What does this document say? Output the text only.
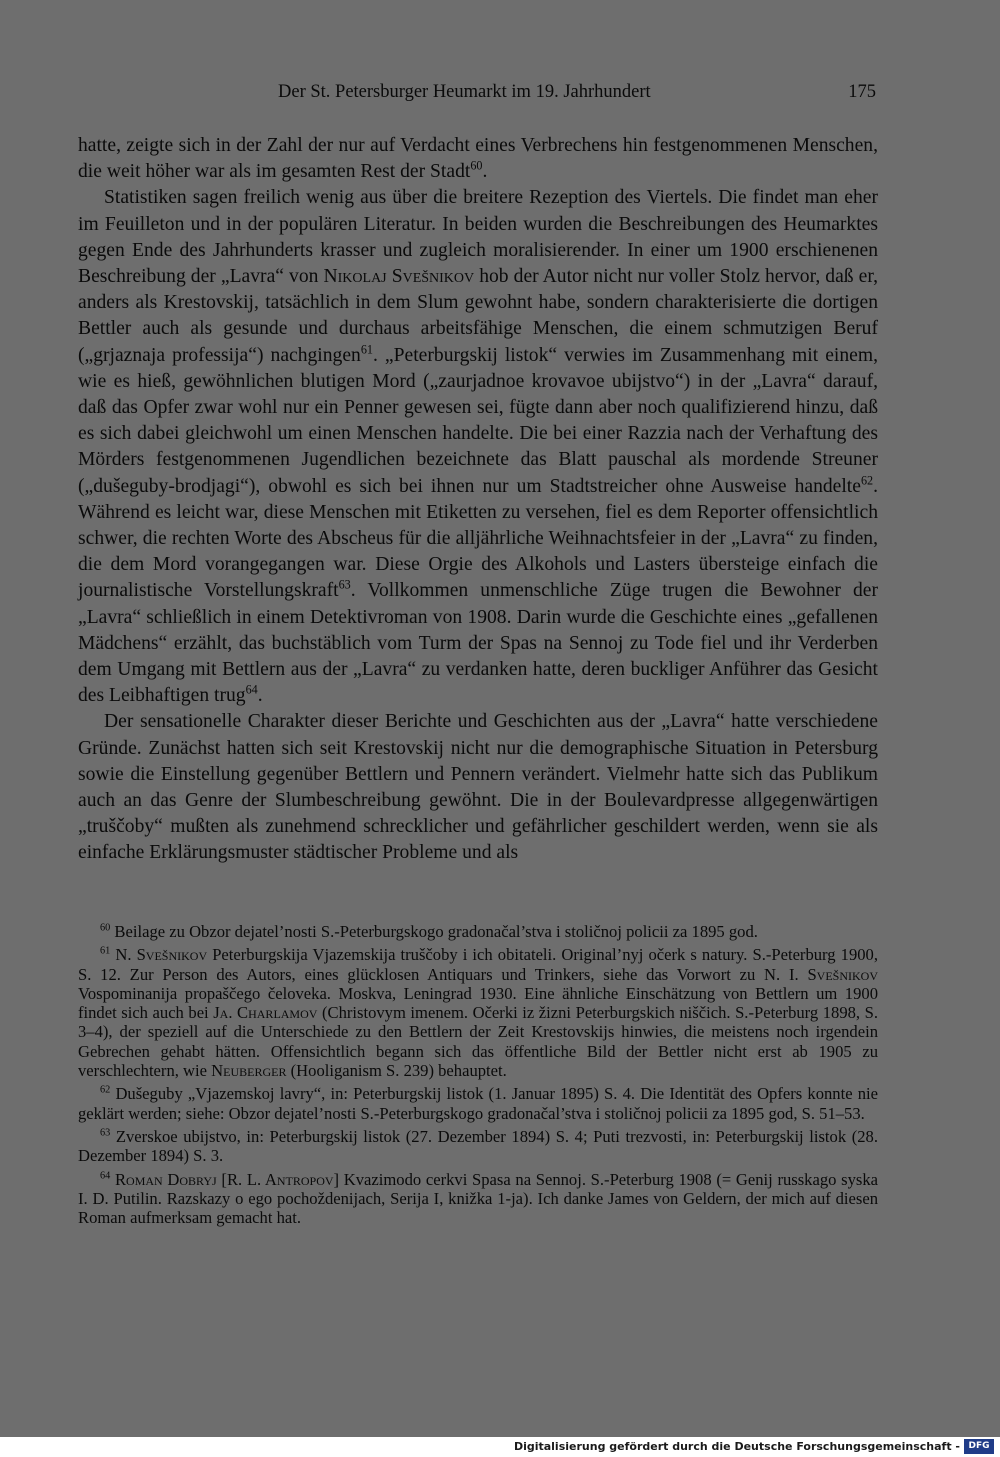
Der St. Petersburger Heumarkt im 19. Jahrhundert	175

hatte, zeigte sich in der Zahl der nur auf Verdacht eines Verbrechens hin festgenommenen Menschen, die weit höher war als im gesamten Rest der Stadt$^{60}$.

Statistiken sagen freilich wenig aus über die breitere Rezeption des Viertels. Die findet man eher im Feuilleton und in der populären Literatur. In beiden wurden die Beschreibungen des Heumarktes gegen Ende des Jahrhunderts krasser und zugleich moralisierender. In einer um 1900 erschienenen Beschreibung der „Lavra“ von Nikolaj Svešnikov hob der Autor nicht nur voller Stolz hervor, daß er, anders als Krestovskij, tatsächlich in dem Slum gewohnt habe, sondern charakterisierte die dortigen Bettler auch als gesunde und durchaus arbeitsfähige Menschen, die einem schmutzigen Beruf („grjaznaja professija“) nachgingen$^{61}$. „Peterburgskij listok“ verwies im Zusammenhang mit einem, wie es hieß, gewöhnlichen blutigen Mord („zaurjadnoe krovavoe ubijstvo“) in der „Lavra“ darauf, daß das Opfer zwar wohl nur ein Penner gewesen sei, fügte dann aber noch qualifizierend hinzu, daß es sich dabei gleichwohl um einen Menschen handelte. Die bei einer Razzia nach der Verhaftung des Mörders festgenommenen Jugendlichen bezeichnete das Blatt pauschal als mordende Streuner („dušeguby-brodjagi“), obwohl es sich bei ihnen nur um Stadtstreicher ohne Ausweise handelte$^{62}$. Während es leicht war, diese Menschen mit Etiketten zu versehen, fiel es dem Reporter offensichtlich schwer, die rechten Worte des Abscheus für die alljährliche Weihnachtsfeier in der „Lavra“ zu finden, die dem Mord vorangegangen war. Diese Orgie des Alkohols und Lasters übersteige einfach die journalistische Vorstellungskraft$^{63}$. Vollkommen unmenschliche Züge trugen die Bewohner der „Lavra“ schließlich in einem Detektivroman von 1908. Darin wurde die Geschichte eines „gefallenen Mädchens“ erzählt, das buchstäblich vom Turm der Spas na Sennoj zu Tode fiel und ihr Verderben dem Umgang mit Bettlern aus der „Lavra“ zu verdanken hatte, deren buckliger Anführer das Gesicht des Leibhaftigen trug$^{64}$.

Der sensationelle Charakter dieser Berichte und Geschichten aus der „Lavra“ hatte verschiedene Gründe. Zunächst hatten sich seit Krestovskij nicht nur die demographische Situation in Petersburg sowie die Einstellung gegenüber Bettlern und Pennern verändert. Vielmehr hatte sich das Publikum auch an das Genre der Slumbeschreibung gewöhnt. Die in der Boulevardpresse allgegenwärtigen „truščoby“ mußten als zunehmend schrecklicher und gefährlicher geschildert werden, wenn sie als einfache Erklärungsmuster städtischer Probleme und als

$^{60}$ Beilage zu Obzor dejatel’nosti S.-Peterburgskogo gradonačal’stva i stoličnoj policii za 1895 god.

$^{61}$ N. Svešnikov Peterburgskija Vjazemskija truščoby i ich obitateli. Original’nyj očerk s natury. S.-Peterburg 1900, S. 12. Zur Person des Autors, eines glücklosen Antiquars und Trinkers, siehe das Vorwort zu N. I. Svešnikov Vospominanija propaščego čeloveka. Moskva, Leningrad 1930. Eine ähnliche Einschätzung von Bettlern um 1900 findet sich auch bei Ja. Charlamov (Christovym imenem. Očerki iz žizni Peterburgskich niščich. S.-Peterburg 1898, S. 3–4), der speziell auf die Unterschiede zu den Bettlern der Zeit Krestovskijs hinwies, die meistens noch irgendein Gebrechen gehabt hätten. Offensichtlich begann sich das öffentliche Bild der Bettler nicht erst ab 1905 zu verschlechtern, wie Neuberger (Hooliganism S. 239) behauptet.

$^{62}$ Dušeguby „Vjazemskoj lavry“, in: Peterburgskij listok (1. Januar 1895) S. 4. Die Identität des Opfers konnte nie geklärt werden; siehe: Obzor dejatel’nosti S.-Peterburgskogo gradonačal’stva i stoličnoj policii za 1895 god, S. 51–53.

$^{63}$ Zverskoe ubijstvo, in: Peterburgskij listok (27. Dezember 1894) S. 4; Puti trezvosti, in: Peterburgskij listok (28. Dezember 1894) S. 3.

$^{64}$ Roman Dobryj [R. L. Antropov] Kvazimodo cerkvi Spasa na Sennoj. S.-Peterburg 1908 (= Genij russkago syska I. D. Putilin. Razskazy o ego pochoždenijach, Serija I, knižka 1-ja). Ich danke James von Geldern, der mich auf diesen Roman aufmerksam gemacht hat.

Digitalisierung gefördert durch die Deutsche Forschungsgemeinschaft - DFG
